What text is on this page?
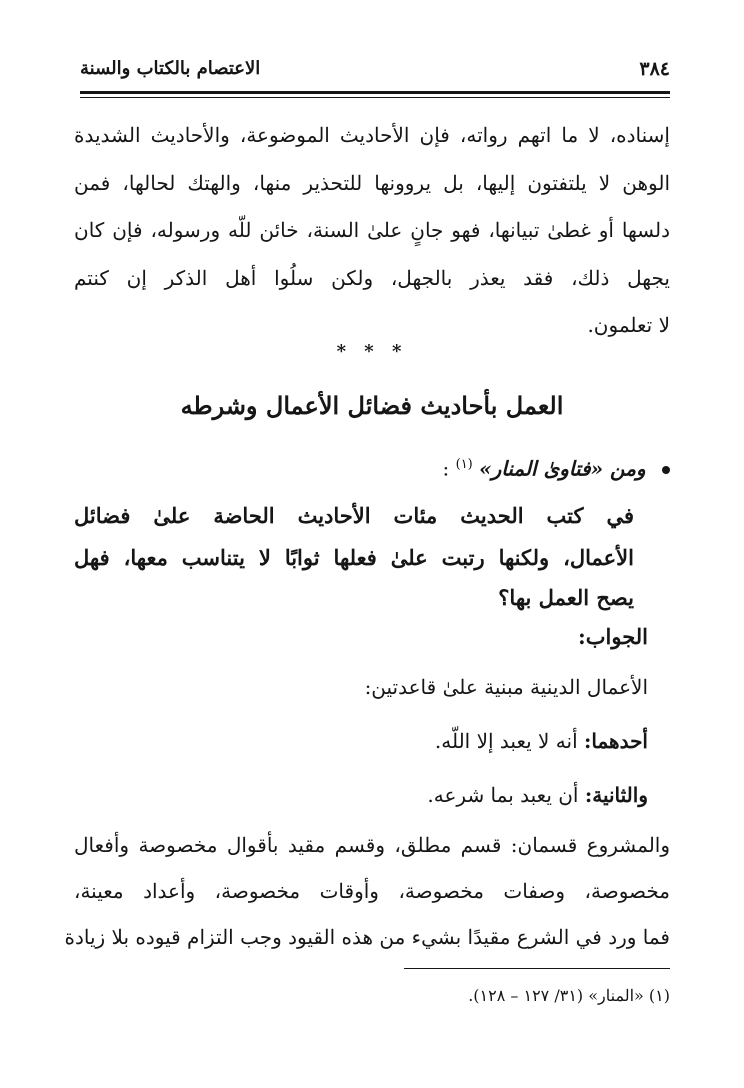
٣٨٤
الاعتصام بالكتاب والسنة
إسناده، لا ما اتهم رواته، فإن الأحاديث الموضوعة، والأحاديث الشديدة
الوهن لا يلتفتون إليها، بل يروونها للتحذير منها، والهتك لحالها، فمن
دلسها أو غطىٰ تبيانها، فهو جانٍ علىٰ السنة، خائن للّه ورسوله، فإن كان
يجهل ذلك، فقد يعذر بالجهل، ولكن سلُوا أهل الذكر إن كنتم
لا تعلمون.
* * *
العمل بأحاديث فضائل الأعمال وشرطه
ومن «فتاوىٰ المنار» $^{(١)}$ :
في كتب الحديث مئات الأحاديث الحاضة علىٰ فضائل
الأعمال، ولكنها رتبت علىٰ فعلها ثوابًا لا يتناسب معها، فهل
يصح العمل بها؟
الجواب:
الأعمال الدينية مبنية علىٰ قاعدتين:
أحدهما: أنه لا يعبد إلا اللّه.
والثانية: أن يعبد بما شرعه.
والمشروع قسمان: قسم مطلق، وقسم مقيد بأقوال مخصوصة وأفعال
مخصوصة، وصفات مخصوصة، وأوقات مخصوصة، وأعداد معينة،
فما ورد في الشرع مقيدًا بشيء من هذه القيود وجب التزام قيوده بلا زيادة
(١) «المنار» (٣١/ ١٢٧ – ١٢٨).
